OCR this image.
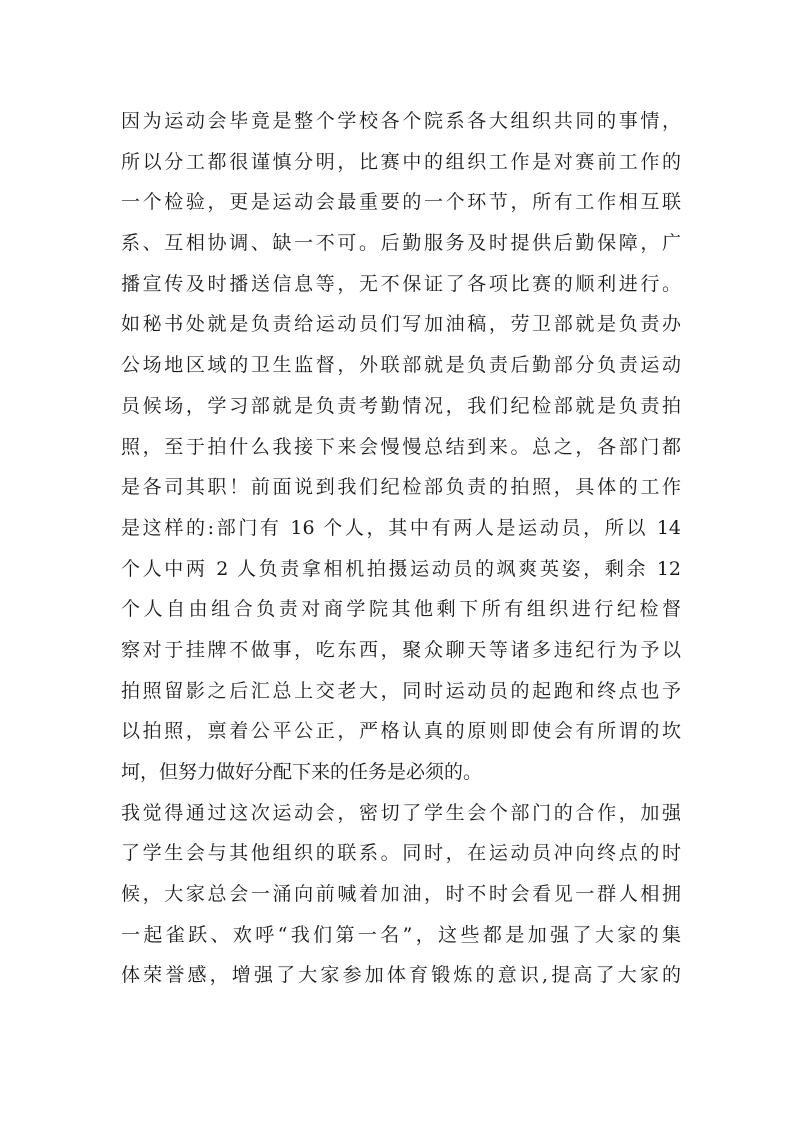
因为运动会毕竟是整个学校各个院系各大组织共同的事情，
所以分工都很谨慎分明，比赛中的组织工作是对赛前工作的
一个检验，更是运动会最重要的一个环节，所有工作相互联
系、互相协调、缺一不可。后勤服务及时提供后勤保障，广
播宣传及时播送信息等，无不保证了各项比赛的顺利进行。
如秘书处就是负责给运动员们写加油稿，劳卫部就是负责办
公场地区域的卫生监督，外联部就是负责后勤部分负责运动
员候场，学习部就是负责考勤情况，我们纪检部就是负责拍
照，至于拍什么我接下来会慢慢总结到来。总之，各部门都
是各司其职！前面说到我们纪检部负责的拍照，具体的工作
是这样的:部门有 16 个人，其中有两人是运动员，所以 14
个人中两 2 人负责拿相机拍摄运动员的飒爽英姿，剩余 12
个人自由组合负责对商学院其他剩下所有组织进行纪检督
察对于挂牌不做事，吃东西，聚众聊天等诸多违纪行为予以
拍照留影之后汇总上交老大，同时运动员的起跑和终点也予
以拍照，禀着公平公正，严格认真的原则即使会有所谓的坎
坷，但努力做好分配下来的任务是必须的。
我觉得通过这次运动会，密切了学生会个部门的合作，加强
了学生会与其他组织的联系。同时，在运动员冲向终点的时
候，大家总会一涌向前喊着加油，时不时会看见一群人相拥
一起雀跃、欢呼“我们第一名”，这些都是加强了大家的集
体荣誉感，增强了大家参加体育锻炼的意识,提高了大家的
